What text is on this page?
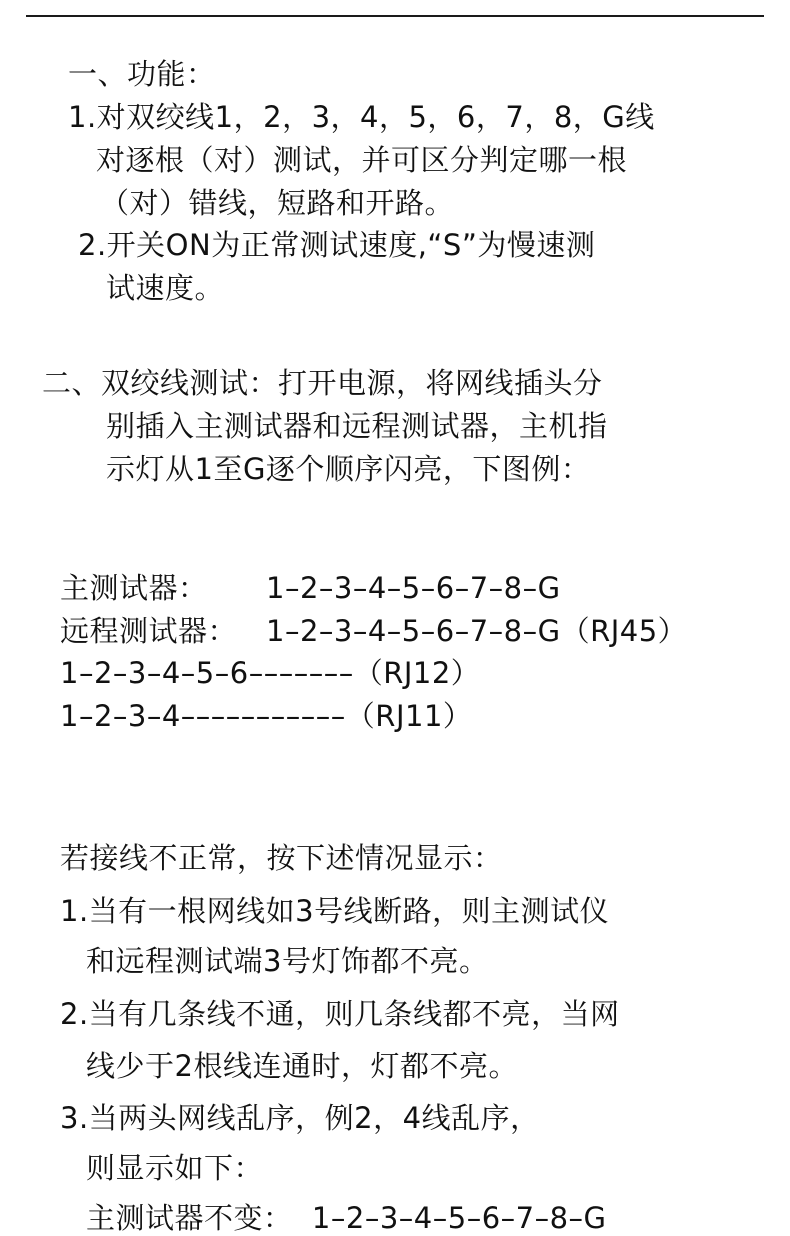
一、功能：
1.对双绞线1，2，3，4，5，6，7，8，G线
对逐根（对）测试，并可区分判定哪一根
（对）错线，短路和开路。
2.开关ON为正常测试速度,“S”为慢速测
试速度。
二、双绞线测试：打开电源，将网线插头分
别插入主测试器和远程测试器，主机指
示灯从1至G逐个顺序闪亮，下图例：
主测试器： 1–2–3–4–5–6–7–8–G
远程测试器： 1–2–3–4–5–6–7–8–G（RJ45）
1–2–3–4–5–6–––––––（RJ12）
1–2–3–4–––––––––––（RJ11）
若接线不正常，按下述情况显示：
1.当有一根网线如3号线断路，则主测试仪
和远程测试端3号灯饰都不亮。
2.当有几条线不通，则几条线都不亮，当网
线少于2根线连通时，灯都不亮。
3.当两头网线乱序，例2，4线乱序，
则显示如下：
主测试器不变：  1–2–3–4–5–6–7–8–G
